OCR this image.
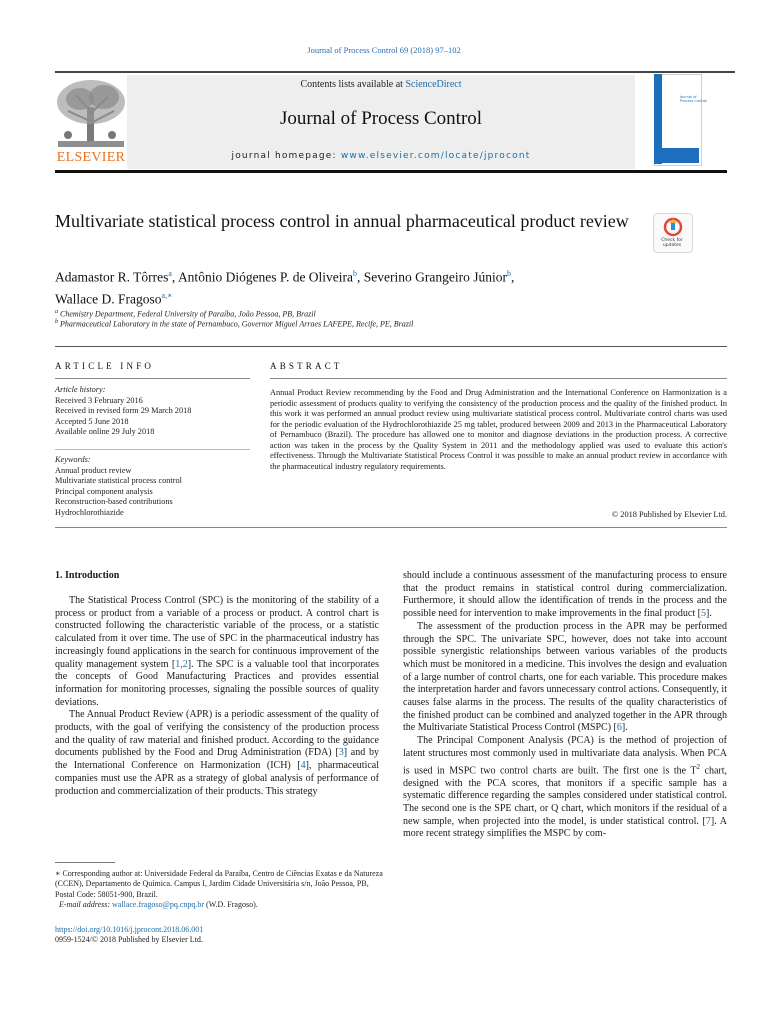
Journal of Process Control 69 (2018) 97–102
ELSEVIER
Contents lists available at ScienceDirect
Journal of Process Control
journal homepage: www.elsevier.com/locate/jprocont
Journal of Process Control
Multivariate statistical process control in annual pharmaceutical product review
Check for updates
Adamastor R. Tôrres$^a$, Antônio Diógenes P. de Oliveira$^b$, Severino Grangeiro Júnior$^b$,
Wallace D. Fragoso$^{a,∗}$
$^a$ Chemistry Department, Federal University of Paraíba, João Pessoa, PB, Brazil
$^b$ Pharmaceutical Laboratory in the state of Pernambuco, Governor Miguel Arraes LAFEPE, Recife, PE, Brazil
ARTICLE INFO	ABSTRACT
Article history:
Received 3 February 2016
Received in revised form 29 March 2018
Accepted 5 June 2018
Available online 29 July 2018
Keywords:
Annual product review
Multivariate statistical process control
Principal component analysis
Reconstruction-based contributions
Hydrochlorothiazide
Annual Product Review recommending by the Food and Drug Administration and the International Conference on Harmonization is a periodic assessment of products quality to verifying the consistency of the production process and the quality of the finished product. In this work it was performed an annual product review using multivariate statistical process control. Multivariate control charts was used for the periodic evaluation of the Hydrochlorothiazide 25 mg tablet, produced between 2009 and 2013 in the Pharmaceutical Laboratory of Pernambuco (Brazil). The procedure has allowed one to monitor and diagnose deviations in the production process. A corrective action was taken in the process by the Quality System in 2011 and the methodology applied was used to evaluate this action's effectiveness. Through the Multivariate Statistical Process Control it was possible to make an annual product review in accordance with the pharmaceutical industry regulatory requirements.
© 2018 Published by Elsevier Ltd.
1. Introduction

The Statistical Process Control (SPC) is the monitoring of the stability of a process or product from a variable of a process or product. A control chart is constructed following the characteristic variable of the process, or a statistic calculated from it over time. The use of SPC in the pharmaceutical industry has increasingly found applications in the search for continuous improvement of the quality management system [1,2]. The SPC is a valuable tool that incorporates the concepts of Good Manufacturing Practices and provides essential information for monitoring processes, signaling the possible sources of quality deviations.

The Annual Product Review (APR) is a periodic assessment of the quality of products, with the goal of verifying the consistency of the production process and the quality of raw material and finished product. According to the guidance documents published by the Food and Drug Administration (FDA) [3] and by the International Conference on Harmonization (ICH) [4], pharmaceutical companies must use the APR as a strategy of global analysis of performance of production and commercialization of their products. This strategy

should include a continuous assessment of the manufacturing process to ensure that the product remains in statistical control during commercialization. Furthermore, it should allow the identification of trends in the process and the possible need for intervention to make improvements in the final product [5].

The assessment of the production process in the APR may be performed through the SPC. The univariate SPC, however, does not take into account possible synergistic relationships between various variables of the products which must be monitored in a medicine. This involves the design and evaluation of a large number of control charts, one for each variable. This procedure makes the interpretation harder and favors unnecessary control actions. Consequently, it causes false alarms in the process. The results of the quality characteristics of the finished product can be combined and analyzed together in the APR through the Multivariate Statistical Process Control (MSPC) [6].

The Principal Component Analysis (PCA) is the method of projection of latent structures most commonly used in multivariate data analysis. When PCA is used in MSPC two control charts are built. The first one is the $T^2$ chart, designed with the PCA scores, that monitors if a specific sample has a systematic difference regarding the samples considered under statistical control. The second one is the SPE chart, or Q chart, which monitors if the residual of a new sample, when projected into the model, is under statistical control. [7]. A more recent strategy simplifies the MSPC by com-

∗ Corresponding author at: Universidade Federal da Paraíba, Centro de Ciências Exatas e da Natureza (CCEN), Departamento de Química. Campus I, Jardim Cidade Universitária s/n, João Pessoa, PB, Postal Code: 58051-900, Brazil.
E-mail address: wallace.fragoso@pq.cnpq.br (W.D. Fragoso).
https://doi.org/10.1016/j.jprocont.2018.06.001
0959-1524/© 2018 Published by Elsevier Ltd.
